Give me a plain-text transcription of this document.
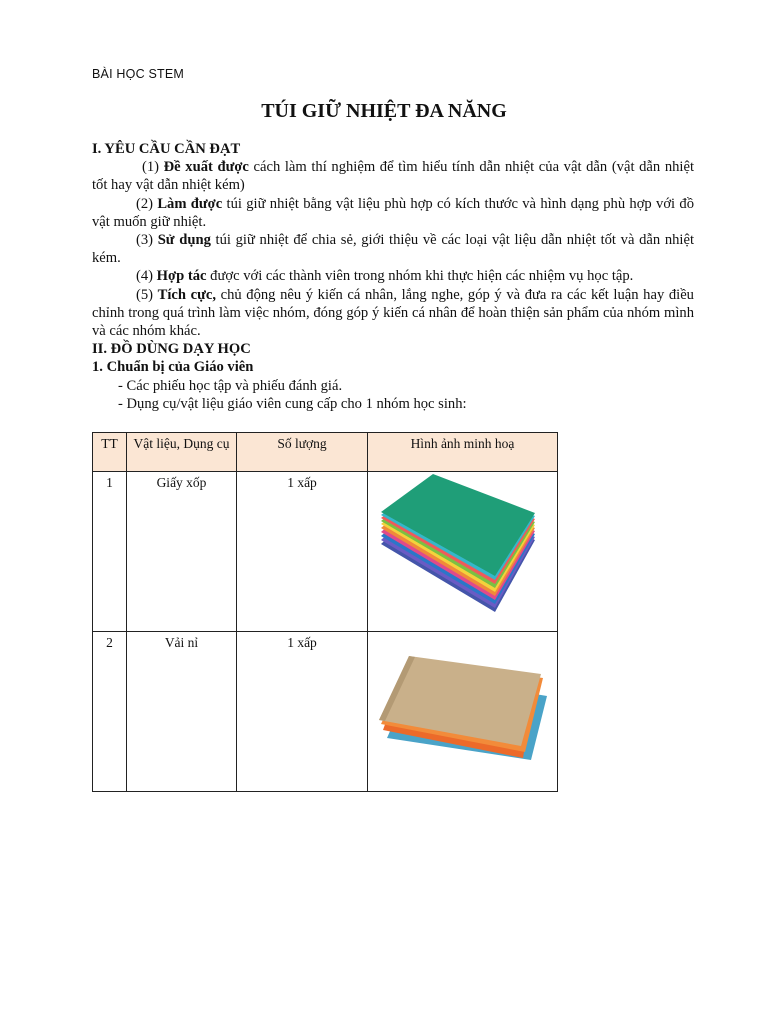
BÀI HỌC STEM
TÚI GIỮ NHIỆT ĐA NĂNG
I. YÊU CẦU CẦN ĐẠT
(1) Đề xuất được cách làm thí nghiệm để tìm hiểu tính dẫn nhiệt của vật dẫn (vật dẫn nhiệt tốt hay vật dẫn nhiệt kém)
(2) Làm được túi giữ nhiệt bằng vật liệu phù hợp có kích thước và hình dạng phù hợp với đồ vật muốn giữ nhiệt.
(3) Sử dụng túi giữ nhiệt để chia sẻ, giới thiệu về các loại vật liệu dẫn nhiệt tốt và dẫn nhiệt kém.
(4) Hợp tác được với các thành viên trong nhóm khi thực hiện các nhiệm vụ học tập.
(5) Tích cực, chủ động nêu ý kiến cá nhân, lắng nghe, góp ý và đưa ra các kết luận hay điều chỉnh trong quá trình làm việc nhóm, đóng góp ý kiến cá nhân để hoàn thiện sản phẩm của nhóm mình và các nhóm khác.
II. ĐỒ DÙNG DẠY HỌC
1. Chuẩn bị của Giáo viên
- Các phiếu học tập và phiếu đánh giá.
- Dụng cụ/vật liệu giáo viên cung cấp cho 1 nhóm học sinh:
TT	Vật liệu, Dụng cụ	Số lượng	Hình ảnh minh hoạ
1	Giấy xốp	1 xấp	

2	Vải nỉ	1 xấp	
